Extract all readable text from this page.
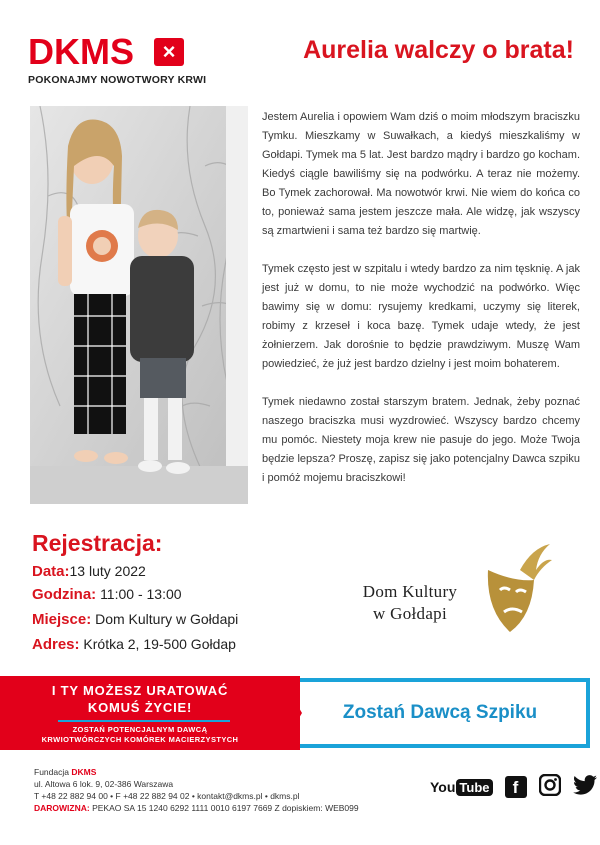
DKMS	×
POKONAJMY NOWOTWORY KRWI
Aurelia walczy o brata!

Jestem Aurelia i opowiem Wam dziś o moim młodszym braciszku Tymku. Mieszkamy w Suwałkach, a kiedyś mieszkaliśmy w Gołdapi. Tymek ma 5 lat. Jest bardzo mądry i bardzo go kocham. Kiedyś ciągle bawiliśmy się na podwórku. A teraz nie możemy. Bo Tymek zachorował. Ma nowotwór krwi. Nie wiem do końca co to, ponieważ sama jestem jeszcze mała. Ale widzę, jak wszyscy są zmartwieni i sama też bardzo się martwię.

Tymek często jest w szpitalu i wtedy bardzo za nim tęsknię. A jak jest już w domu, to nie może wychodzić na podwórko. Więc bawimy się w domu: rysujemy kredkami, uczymy się literek, robimy z krzeseł i koca bazę. Tymek udaje wtedy, że jest żołnierzem. Jak dorośnie to będzie prawdziwym. Muszę Wam powiedzieć, że już jest bardzo dzielny i jest moim bohaterem.

Tymek niedawno został starszym bratem. Jednak, żeby poznać naszego braciszka musi wyzdrowieć. Wszyscy bardzo chcemy mu pomóc. Niestety moja krew nie pasuje do jego. Może Twoja będzie lepsza? Proszę, zapisz się jako potencjalny Dawca szpiku i pomóż mojemu braciszkowi!

Rejestracja:
Data:13 luty 2022
Godzina: 11:00 - 13:00
Miejsce: Dom Kultury w Gołdapi
Adres: Krótka 2, 19-500 Gołdap
Dom Kultury
w Gołdapi
I TY MOŻESZ URATOWAĆ
KOMUŚ ŻYCIE!
ZOSTAŃ POTENCJALNYM DAWCĄ
KRWIOTWÓRCZYCH KOMÓREK MACIERZYSTYCH
Zostań Dawcą Szpiku
Fundacja DKMS
ul. Altowa 6 lok. 9, 02-386 Warszawa
T +48 22 882 94 00 • F +48 22 882 94 02 • kontakt@dkms.pl • dkms.pl
DAROWIZNA: PEKAO SA 15 1240 6292 1111 0010 6197 7669 Z dopiskiem: WEB099
You Tube	f
